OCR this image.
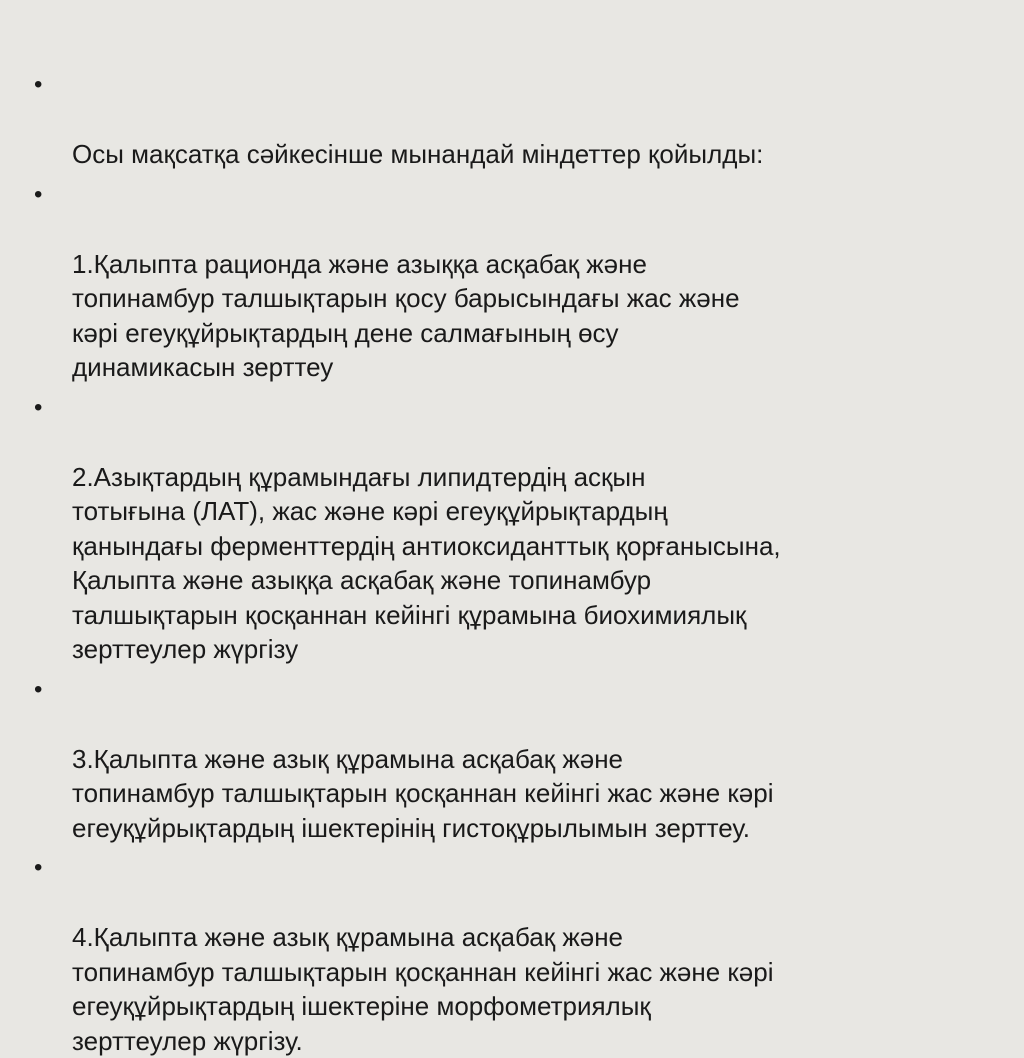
•

Осы мақсатқа сәйкесінше мынандай міндеттер қойылды:

•

1.Қалыпта рационда және азыққа асқабақ және
топинамбур талшықтарын қосу барысындағы жас және
кәрі егеуқұйрықтардың дене салмағының өсу
динамикасын зерттеу

•

2.Азықтардың құрамындағы липидтердің асқын
тотығына (ЛАТ), жас және кәрі егеуқұйрықтардың
қанындағы ферменттердің антиоксиданттық қорғанысына,
Қалыпта және азыққа асқабақ және топинамбур
талшықтарын қосқаннан кейінгі құрамына биохимиялық
зерттеулер жүргізу

•

3.Қалыпта және азық құрамына асқабақ және
топинамбур талшықтарын қосқаннан кейінгі жас және кәрі
егеуқұйрықтардың ішектерінің гистоқұрылымын зерттеу.

•

4.Қалыпта және азық құрамына асқабақ және
топинамбур талшықтарын қосқаннан кейінгі жас және кәрі
егеуқұйрықтардың ішектеріне морфометриялық
зерттеулер жүргізу.
